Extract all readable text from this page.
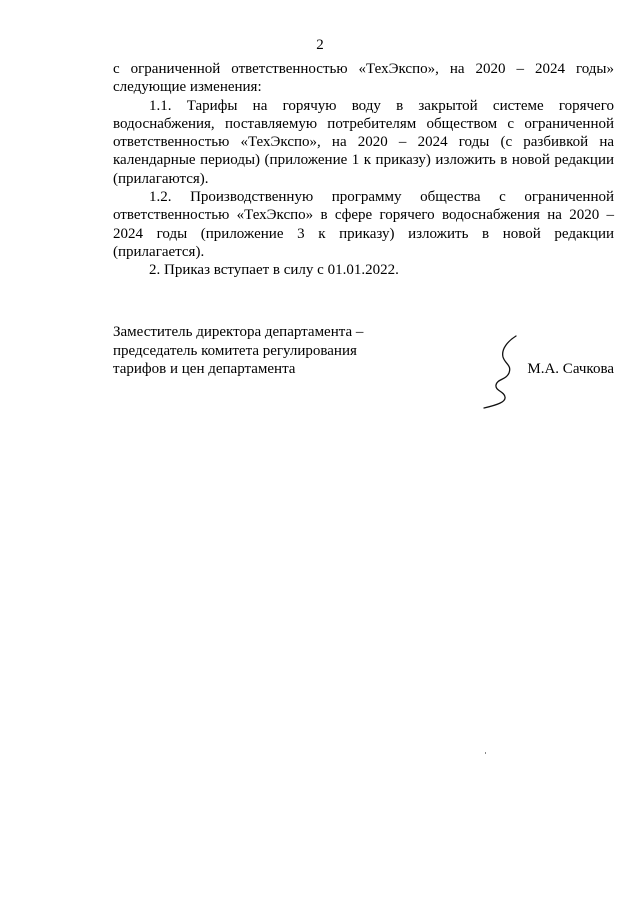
2

с ограниченной ответственностью «ТехЭкспо», на 2020 – 2024 годы» следующие изменения:

1.1. Тарифы на горячую воду в закрытой системе горячего водоснабжения, поставляемую потребителям обществом с ограниченной ответственностью «ТехЭкспо», на 2020 – 2024 годы (с разбивкой на календарные периоды) (приложение 1 к приказу) изложить в новой редакции (прилагаются).

1.2. Производственную программу общества с ограниченной ответственностью «ТехЭкспо» в сфере горячего водоснабжения на 2020 – 2024 годы (приложение 3 к приказу) изложить в новой редакции (прилагается).

2. Приказ вступает в силу с 01.01.2022.

Заместитель директора департамента –
председатель комитета регулирования
тарифов и цен департамента	М.А. Сачкова
